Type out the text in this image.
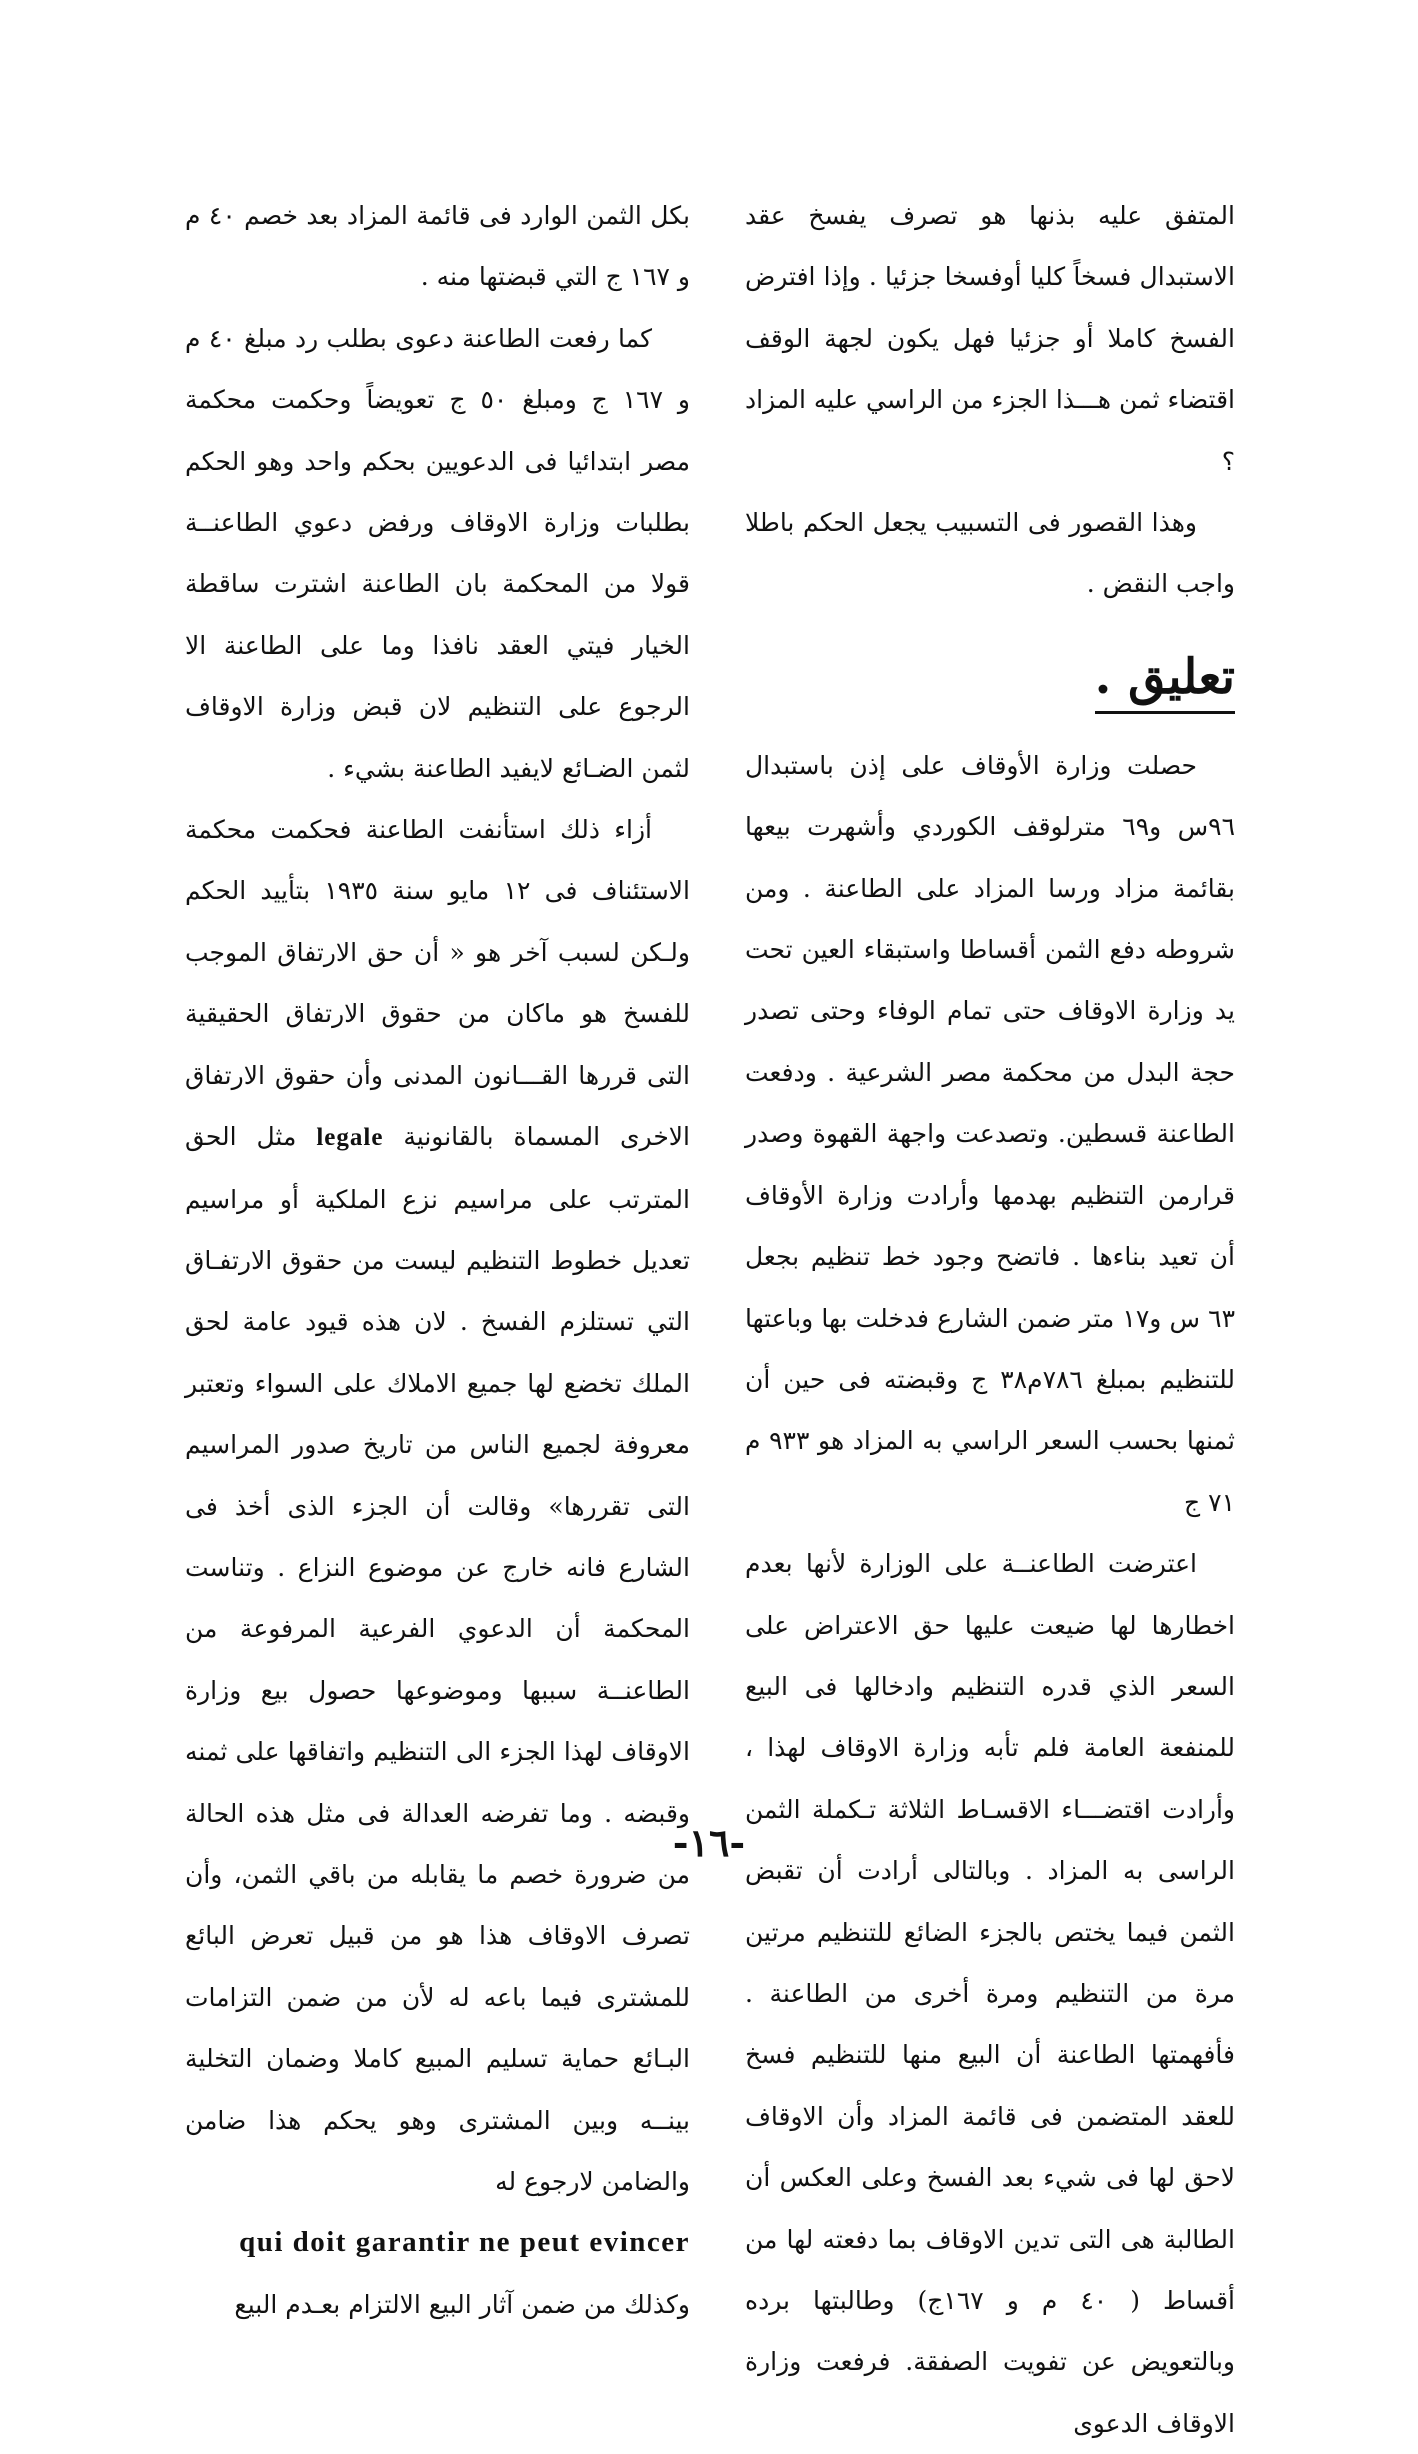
المتفق عليه بذنها هو تصرف يفسخ عقد الاستبدال فسخاً كليا أوفسخا جزئيا . وإذا افترض الفسخ كاملا أو جزئيا فهل يكون لجهة الوقف اقتضاء ثمن هـــذا الجزء من الراسي عليه المزاد ؟

وهذا القصور فى التسبيب يجعل الحكم باطلا واجب النقض .

تعليق .

حصلت وزارة الأوقاف على إذن باستبدال ٩٦س و٦٩ مترلوقف الكوردي وأشهرت بيعها بقائمة مزاد ورسا المزاد على الطاعنة . ومن شروطه دفع الثمن أقساطا واستبقاء العين تحت يد وزارة الاوقاف حتى تمام الوفاء وحتى تصدر حجة البدل من محكمة مصر الشرعية . ودفعت الطاعنة قسطين. وتصدعت واجهة القهوة وصدر قرارمن التنظيم بهدمها وأرادت وزارة الأوقاف أن تعيد بناءها . فاتضح وجود خط تنظيم بجعل ٦٣ س و١٧ متر ضمن الشارع فدخلت بها وباعتها للتنظيم بمبلغ ٧٨٦م٣٨ ج وقبضته فى حين أن ثمنها بحسب السعر الراسي به المزاد هو ٩٣٣ م ٧١ ج

اعترضت الطاعنــة على الوزارة لأنها بعدم اخطارها لها ضيعت عليها حق الاعتراض على السعر الذي قدره التنظيم وادخالها فى البيع للمنفعة العامة فلم تأبه وزارة الاوقاف لهذا ، وأرادت اقتضـــاء الاقسـاط الثلاثة تـكملة الثمن الراسى به المزاد . وبالتالى أرادت أن تقبض الثمن فيما يختص بالجزء الضائع للتنظيم مرتين مرة من التنظيم ومرة أخرى من الطاعنة . فأفهمتها الطاعنة أن البيع منها للتنظيم فسخ للعقد المتضمن فى قائمة المزاد وأن الاوقاف لاحق لها فى شيء بعد الفسخ وعلى العكس أن الطالبة هى التى تدين الاوقاف بما دفعته لها من أقساط ( ٤٠ م و ١٦٧ج) وطالبتها برده وبالتعويض عن تفويت الصفقة. فرفعت وزارة الاوقاف الدعوى

بكل الثمن الوارد فى قائمة المزاد بعد خصم ٤٠ م و ١٦٧ ج التي قبضتها منه .

كما رفعت الطاعنة دعوى بطلب رد مبلغ ٤٠ م و ١٦٧ ج ومبلغ ٥٠ ج تعويضاً وحكمت محكمة مصر ابتدائيا فى الدعويين بحكم واحد وهو الحكم بطلبات وزارة الاوقاف ورفض دعوي الطاعنــة قولا من المحكمة بان الطاعنة اشترت ساقطة الخيار فيتي العقد نافذا وما على الطاعنة الا الرجوع على التنظيم لان قبض وزارة الاوقاف لثمن الضـائع لايفيد الطاعنة بشيء .

أزاء ذلك استأنفت الطاعنة فحكمت محكمة الاستئناف فى ١٢ مايو سنة ١٩٣٥ بتأييد الحكم ولـكن لسبب آخر هو « أن حق الارتفاق الموجب للفسخ هو ماكان من حقوق الارتفاق الحقيقية التى قررها القـــانون المدنى وأن حقوق الارتفاق الاخرى المسماة بالقانونية legale مثل الحق المترتب على مراسيم نزع الملكية أو مراسيم تعديل خطوط التنظيم ليست من حقوق الارتفـاق التي تستلزم الفسخ . لان هذه قيود عامة لحق الملك تخضع لها جميع الاملاك على السواء وتعتبر معروفة لجميع الناس من تاريخ صدور المراسيم التى تقررها» وقالت أن الجزء الذى أخذ فى الشارع فانه خارج عن موضوع النزاع . وتناست المحكمة أن الدعوي الفرعية المرفوعة من الطاعنــة سببها وموضوعها حصول بيع وزارة الاوقاف لهذا الجزء الى التنظيم واتفاقها على ثمنه وقبضه . وما تفرضه العدالة فى مثل هذه الحالة من ضرورة خصم ما يقابله من باقي الثمن، وأن تصرف الاوقاف هذا هو من قبيل تعرض البائع للمشترى فيما باعه له لأن من ضمن التزامات البـائع حماية تسليم المبيع كاملا وضمان التخلية بينــه وبين المشترى وهو يحكم هذا ضامن والضامن لارجوع له

qui doit garantir ne peut evincer

وكذلك من ضمن آثار البيع الالتزام بعـدم البيع

-١٦-
